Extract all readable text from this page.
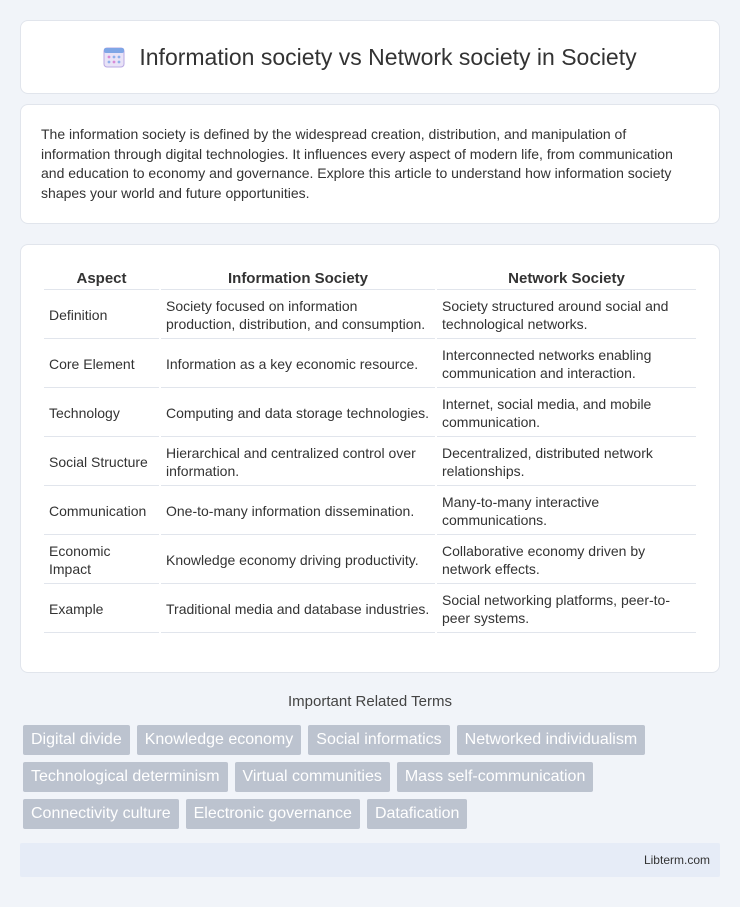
Information society vs Network society in Society

The information society is defined by the widespread creation, distribution, and manipulation of information through digital technologies. It influences every aspect of modern life, from communication and education to economy and governance. Explore this article to understand how information society shapes your world and future opportunities.

Aspect	Information Society	Network Society
Definition	Society focused on information production, distribution, and consumption.	Society structured around social and technological networks.
Core Element	Information as a key economic resource.	Interconnected networks enabling communication and interaction.
Technology	Computing and data storage technologies.	Internet, social media, and mobile communication.
Social Structure	Hierarchical and centralized control over information.	Decentralized, distributed network relationships.
Communication	One-to-many information dissemination.	Many-to-many interactive communications.
Economic Impact	Knowledge economy driving productivity.	Collaborative economy driven by network effects.
Example	Traditional media and database industries.	Social networking platforms, peer-to-peer systems.
Important Related Terms
Digital divide	Knowledge economy	Social informatics	Networked individualism
Technological determinism	Virtual communities	Mass self-communication
Connectivity culture	Electronic governance	Datafication
Libterm.com
